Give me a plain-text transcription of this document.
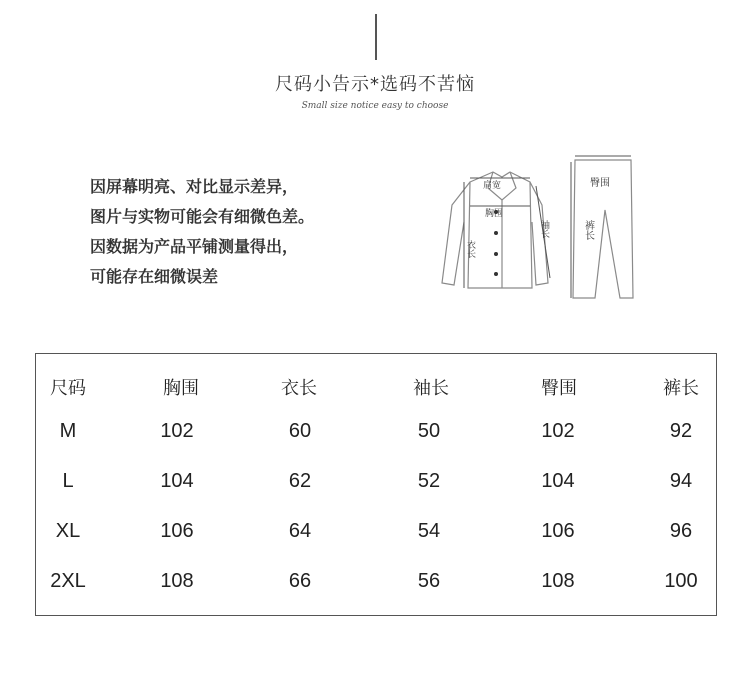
尺码小告示*选码不苦恼
Small size notice easy to choose
因屏幕明亮、对比显示差异，
图片与实物可能会有细微色差。
因数据为产品平铺测量得出，
可能存在细微误差
肩宽
胸围
衣长
袖长
臀围
裤长
尺码	胸围	衣长	袖长	臀围	裤长
M	102	60	50	102	92
L	104	62	52	104	94
XL	106	64	54	106	96
2XL	108	66	56	108	100
